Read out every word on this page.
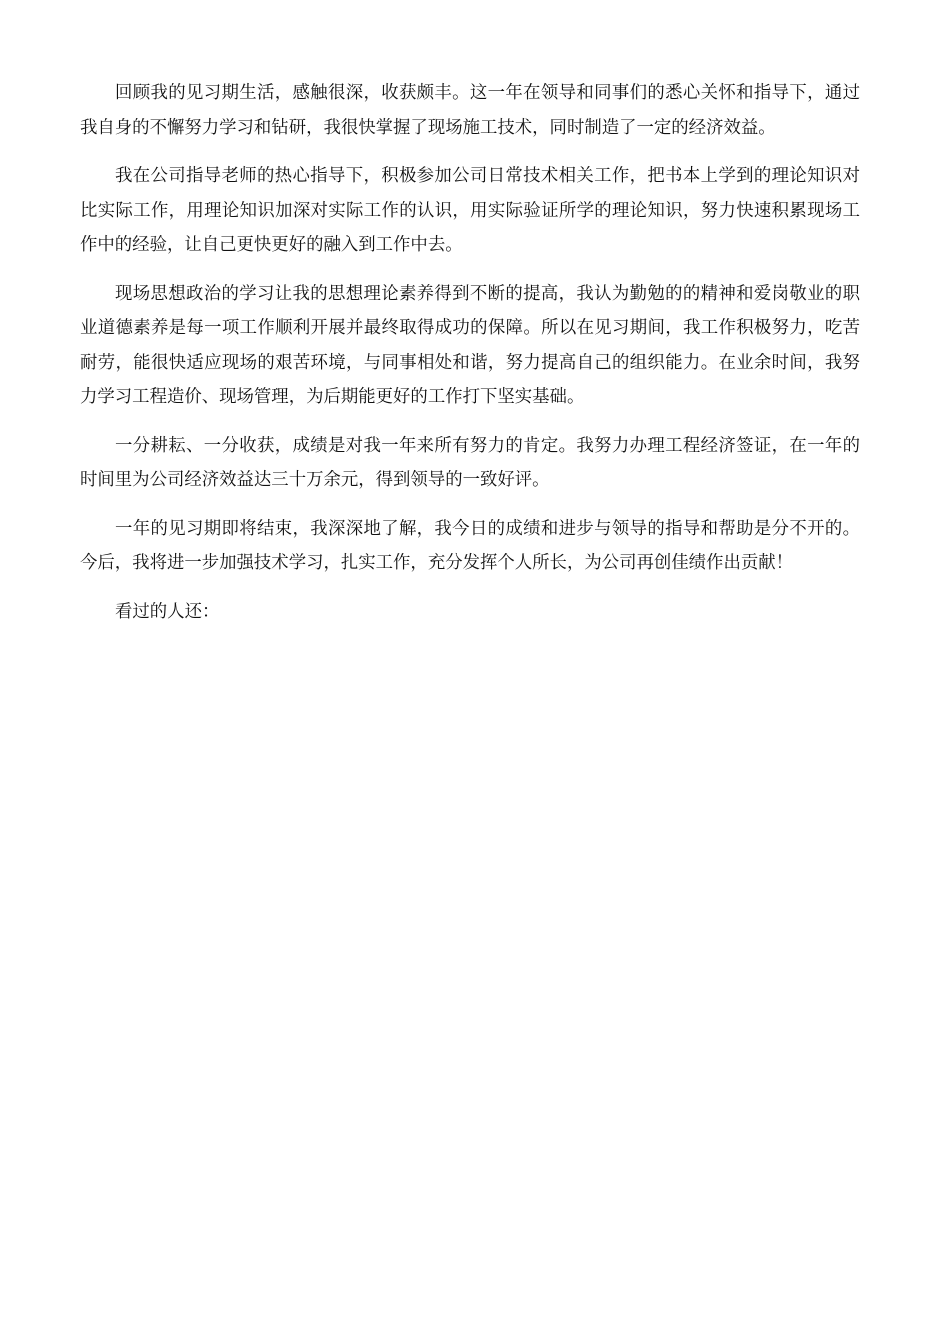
回顾我的见习期生活，感触很深，收获颇丰。这一年在领导和同事们的悉心关怀和指导下，通过我自身的不懈努力学习和钻研，我很快掌握了现场施工技术，同时制造了一定的经济效益。

我在公司指导老师的热心指导下，积极参加公司日常技术相关工作，把书本上学到的理论知识对比实际工作，用理论知识加深对实际工作的认识，用实际验证所学的理论知识，努力快速积累现场工作中的经验，让自己更快更好的融入到工作中去。

现场思想政治的学习让我的思想理论素养得到不断的提高，我认为勤勉的的精神和爱岗敬业的职业道德素养是每一项工作顺利开展并最终取得成功的保障。所以在见习期间，我工作积极努力，吃苦耐劳，能很快适应现场的艰苦环境，与同事相处和谐，努力提高自己的组织能力。在业余时间，我努力学习工程造价、现场管理，为后期能更好的工作打下坚实基础。

一分耕耘、一分收获，成绩是对我一年来所有努力的肯定。我努力办理工程经济签证，在一年的时间里为公司经济效益达三十万余元，得到领导的一致好评。

一年的见习期即将结束，我深深地了解，我今日的成绩和进步与领导的指导和帮助是分不开的。今后，我将进一步加强技术学习，扎实工作，充分发挥个人所长，为公司再创佳绩作出贡献！

看过的人还：
